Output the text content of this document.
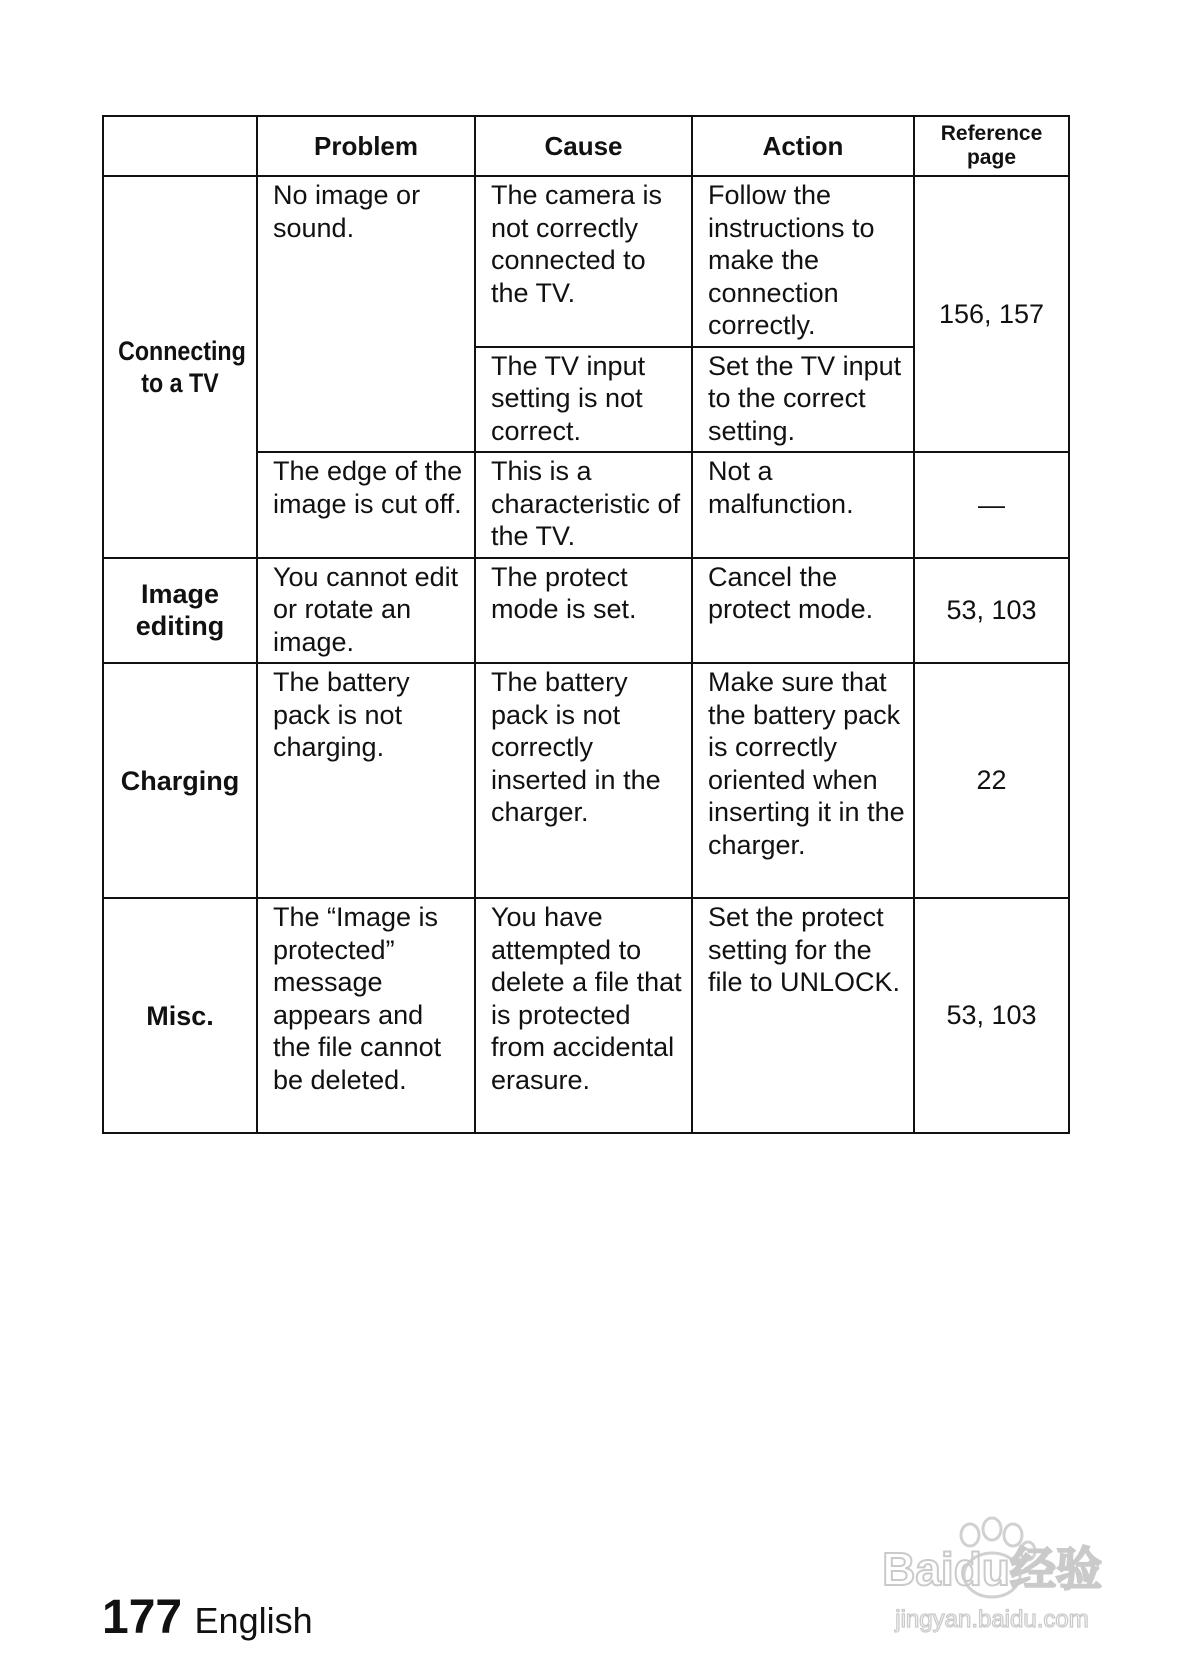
	Problem	Cause	Action	Reference page
Connecting to a TV	No image or sound.	The camera is not correctly connected to the TV.	Follow the instructions to make the connection correctly.	156, 157
		The TV input setting is not correct.	Set the TV input to the correct setting.	
	The edge of the image is cut off.	This is a characteristic of the TV.	Not a malfunction.	—
Image editing	You cannot edit or rotate an image.	The protect mode is set.	Cancel the protect mode.	53, 103
Charging	The battery pack is not charging.	The battery pack is not correctly inserted in the charger.	Make sure that the battery pack is correctly oriented when inserting it in the charger.	22
Misc.	The “Image is protected” message appears and the file cannot be deleted.	You have attempted to delete a file that is protected from accidental erasure.	Set the protect setting for the file to UNLOCK.	53, 103
177 English
Baidu经验
jingyan.baidu.com
